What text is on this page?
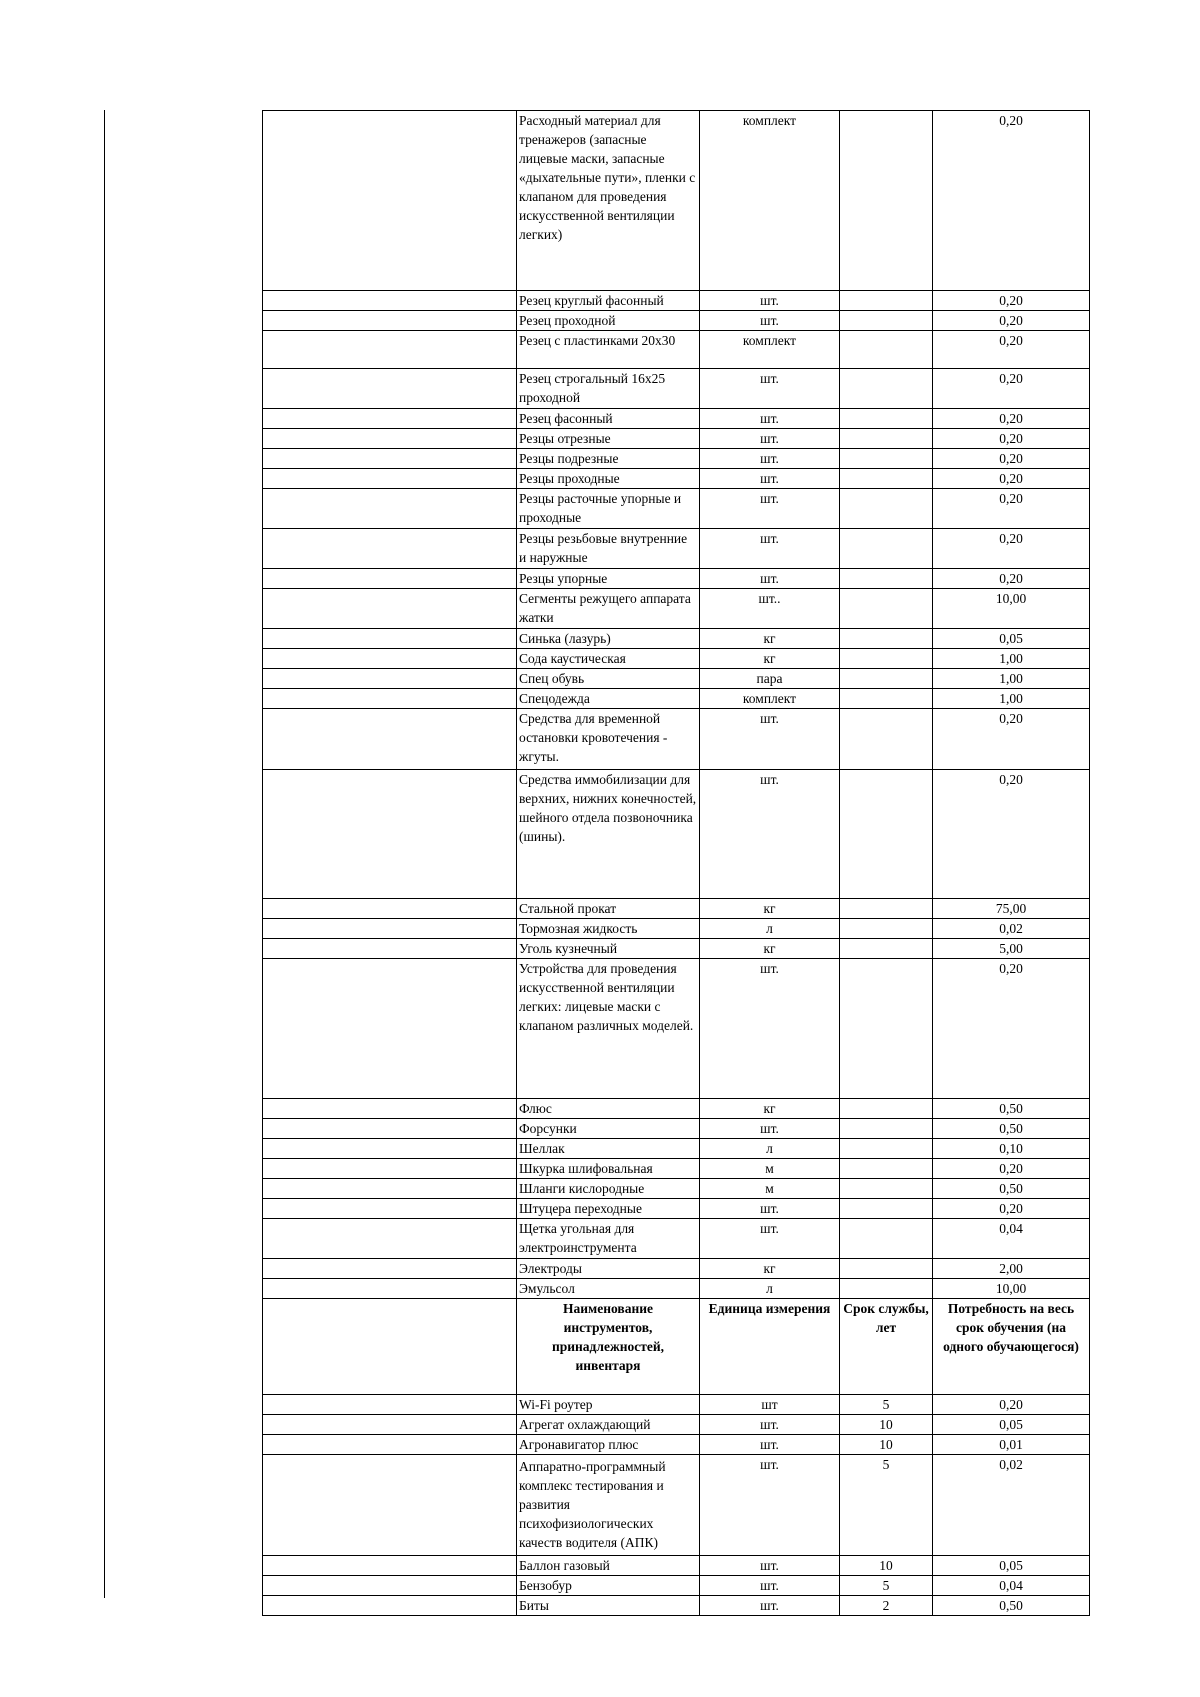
	Расходный материал для тренажеров (запасные лицевые маски, запасные «дыхательные пути», пленки с клапаном для проведения искусственной вентиляции легких)	комплект		0,20
	Резец круглый фасонный	шт.		0,20
	Резец проходной	шт.		0,20
	Резец с пластинками 20х30	комплект		0,20
	Резец строгальный 16х25 проходной	шт.		0,20
	Резец фасонный	шт.		0,20
	Резцы отрезные	шт.		0,20
	Резцы подрезные	шт.		0,20
	Резцы проходные	шт.		0,20
	Резцы расточные упорные и проходные	шт.		0,20
	Резцы резьбовые внутренние и наружные	шт.		0,20
	Резцы упорные	шт.		0,20
	Сегменты режущего аппарата жатки	шт..		10,00
	Синька (лазурь)	кг		0,05
	Сода каустическая	кг		1,00
	Спец обувь	пара		1,00
	Спецодежда	комплект		1,00
	Средства для временной остановки кровотечения - жгуты.	шт.		0,20
	Средства иммобилизации для верхних, нижних конечностей, шейного отдела позвоночника (шины).	шт.		0,20
	Стальной прокат	кг		75,00
	Тормозная жидкость	л		0,02
	Уголь кузнечный	кг		5,00
	Устройства для проведения искусственной вентиляции легких: лицевые маски с клапаном различных моделей.	шт.		0,20
	Флюс	кг		0,50
	Форсунки	шт.		0,50
	Шеллак	л		0,10
	Шкурка шлифовальная	м		0,20
	Шланги кислородные	м		0,50
	Штуцера переходные	шт.		0,20
	Щетка угольная для электроинструмента	шт.		0,04
	Электроды	кг		2,00
	Эмульсол	л		10,00
	Наименование инструментов, принадлежностей, инвентаря	Единица измерения	Срок службы, лет	Потребность на весь срок обучения (на одного обучающегося)
	Wi-Fi роутер	шт	5	0,20
	Агрегат охлаждающий	шт.	10	0,05
	Агронавигатор плюс	шт.	10	0,01
	Аппаратно-программный комплекс тестирования и развития психофизиологических качеств водителя (АПК)	шт.	5	0,02
	Баллон газовый	шт.	10	0,05
	Бензобур	шт.	5	0,04
	Биты	шт.	2	0,50
